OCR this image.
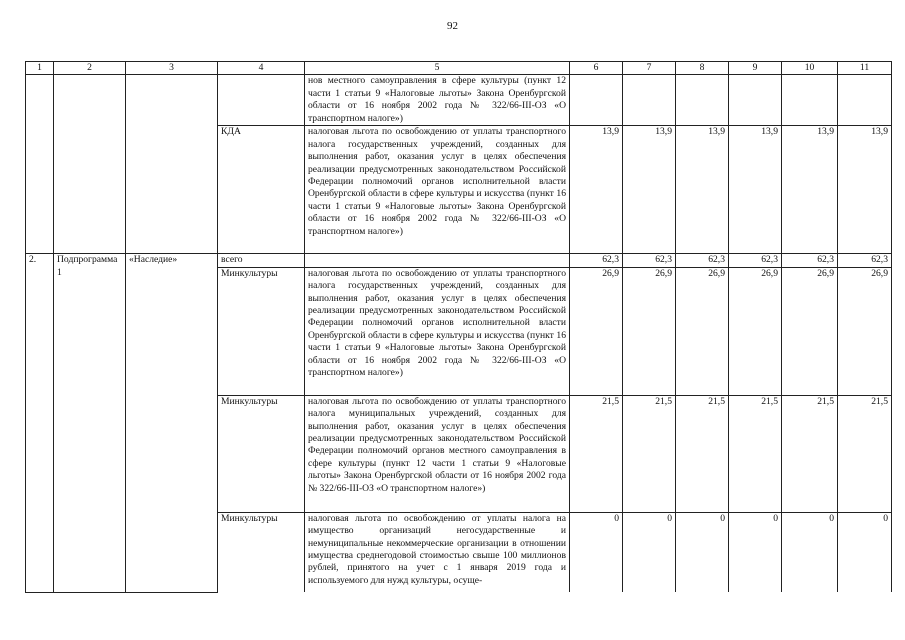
92
1	2	3	4	5	6	7	8	9	10	11
				нов местного самоуправления в сфере культуры (пункт 12 части 1 статьи 9 «Налоговые льготы» Закона Оренбургской области от 16 ноября 2002 года № 322/66-III-ОЗ «О транспортном налоге»)						
			КДА	налоговая льгота по освобождению от уплаты транспортного налога государственных учреждений, созданных для выполнения работ, оказания услуг в целях обеспечения реализации предусмотренных законодательством Российской Федерации полномочий органов исполнительной власти Оренбургской области в сфере культуры и искусства (пункт 16 части 1 статьи 9 «Налоговые льготы» Закона Оренбургской области от 16 ноября 2002 года № 322/66-III-ОЗ «О транспортном налоге»)	13,9	13,9	13,9	13,9	13,9	13,9
2.	Подпрограмма 1	«Наследие»	всего		62,3	62,3	62,3	62,3	62,3	62,3
			Минкультуры	налоговая льгота по освобождению от уплаты транспортного налога государственных учреждений, созданных для выполнения работ, оказания услуг в целях обеспечения реализации предусмотренных законодательством Российской Федерации полномочий органов исполнительной власти Оренбургской области в сфере культуры и искусства (пункт 16 части 1 статьи 9 «Налоговые льготы» Закона Оренбургской области от 16 ноября 2002 года № 322/66-III-ОЗ «О транспортном налоге»)	26,9	26,9	26,9	26,9	26,9	26,9
			Минкультуры	налоговая льгота по освобождению от уплаты транспортного налога муниципальных учреждений, созданных для выполнения работ, оказания услуг в целях обеспечения реализации предусмотренных законодательством Российской Федерации полномочий органов местного самоуправления в сфере культуры (пункт 12 части 1 статьи 9 «Налоговые льготы» Закона Оренбургской области от 16 ноября 2002 года № 322/66-III-ОЗ «О транспортном налоге»)	21,5	21,5	21,5	21,5	21,5	21,5
			Минкультуры	налоговая льгота по освобождению от уплаты налога на имущество организаций негосударственные и немуниципальные некоммерческие организации в отношении имущества среднегодовой стоимостью свыше 100 миллионов рублей, принятого на учет с 1 января 2019 года и используемого для нужд культуры, осуще-	0	0	0	0	0	0
